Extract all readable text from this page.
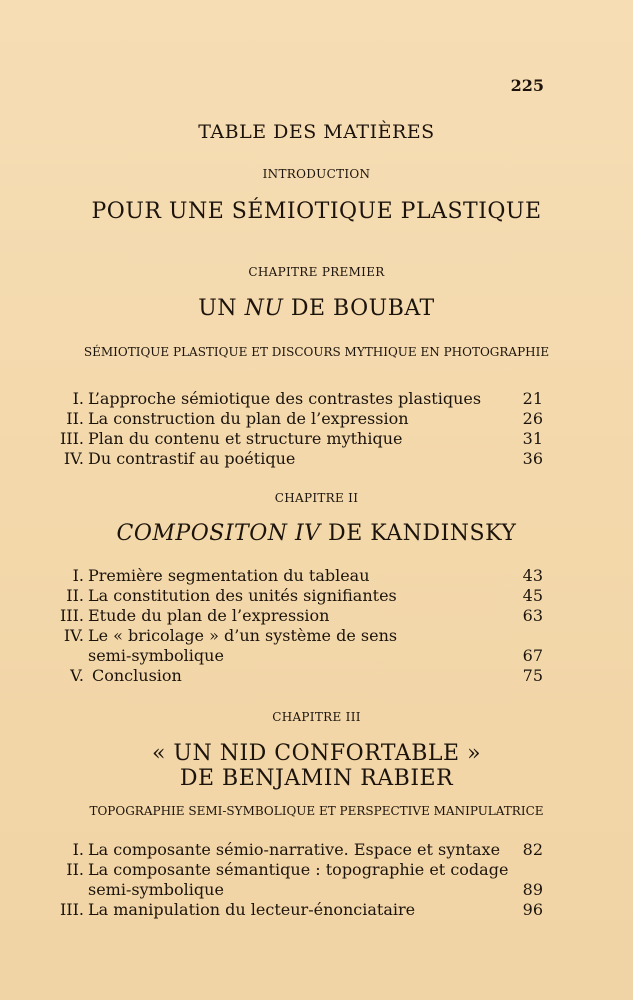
225
TABLE DES MATIÈRES
INTRODUCTION
POUR UNE SÉMIOTIQUE PLASTIQUE
CHAPITRE PREMIER
UN NU DE BOUBAT
SÉMIOTIQUE PLASTIQUE ET DISCOURS MYTHIQUE EN PHOTOGRAPHIE
I. L’approche sémiotique des contrastes plastiques	21
II. La construction du plan de l’expression	26
III. Plan du contenu et structure mythique	31
IV. Du contrastif au poétique	36
CHAPITRE II
COMPOSITON IV DE KANDINSKY
I. Première segmentation du tableau	43
II. La constitution des unités signifiantes	45
III. Etude du plan de l’expression	63
IV. Le « bricolage » d’un système de sens
semi-symbolique	67
V. Conclusion	75
CHAPITRE III
« UN NID CONFORTABLE »
DE BENJAMIN RABIER
TOPOGRAPHIE SEMI-SYMBOLIQUE ET PERSPECTIVE MANIPULATRICE
I. La composante sémio-narrative. Espace et syntaxe 82
II. La composante sémantique : topographie et codage
semi-symbolique	89
III. La manipulation du lecteur-énonciataire	96
